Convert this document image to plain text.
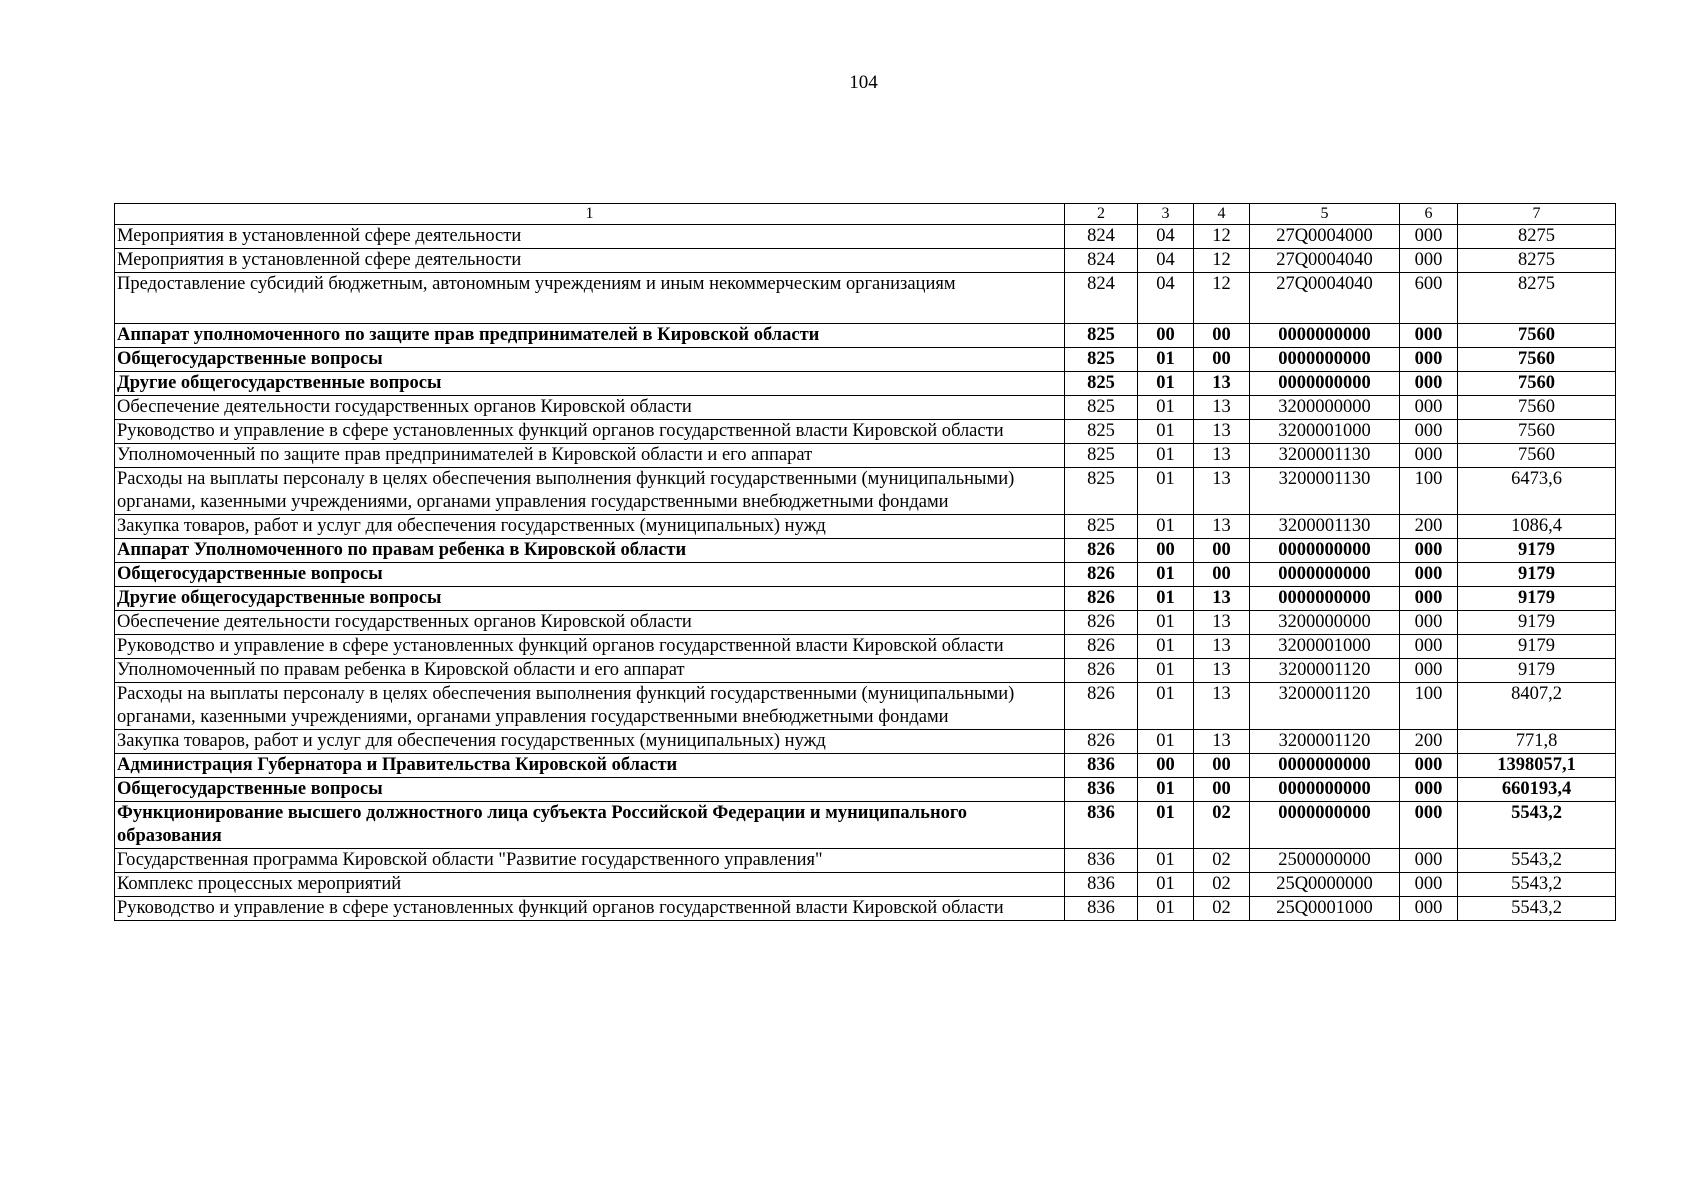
104
1	2	3	4	5	6	7
Мероприятия в установленной сфере деятельности	824	04	12	27Q0004000	000	8275
Мероприятия в установленной сфере деятельности	824	04	12	27Q0004040	000	8275
Предоставление субсидий бюджетным, автономным учреждениям и иным некоммерческим организациям	824	04	12	27Q0004040	600	8275
Аппарат уполномоченного по защите прав предпринимателей в Кировской области	825	00	00	0000000000	000	7560
Общегосударственные вопросы	825	01	00	0000000000	000	7560
Другие общегосударственные вопросы	825	01	13	0000000000	000	7560
Обеспечение деятельности государственных органов Кировской области	825	01	13	3200000000	000	7560
Руководство и управление в сфере установленных функций органов государственной власти Кировской области	825	01	13	3200001000	000	7560
Уполномоченный по защите прав предпринимателей в Кировской области и его аппарат	825	01	13	3200001130	000	7560
Расходы на выплаты персоналу в целях обеспечения выполнения функций государственными (муниципальными) органами, казенными учреждениями, органами управления государственными внебюджетными фондами	825	01	13	3200001130	100	6473,6
Закупка товаров, работ и услуг для обеспечения государственных (муниципальных) нужд	825	01	13	3200001130	200	1086,4
Аппарат Уполномоченного по правам ребенка в Кировской области	826	00	00	0000000000	000	9179
Общегосударственные вопросы	826	01	00	0000000000	000	9179
Другие общегосударственные вопросы	826	01	13	0000000000	000	9179
Обеспечение деятельности государственных органов Кировской области	826	01	13	3200000000	000	9179
Руководство и управление в сфере установленных функций органов государственной власти Кировской области	826	01	13	3200001000	000	9179
Уполномоченный по правам ребенка в Кировской области и его аппарат	826	01	13	3200001120	000	9179
Расходы на выплаты персоналу в целях обеспечения выполнения функций государственными (муниципальными) органами, казенными учреждениями, органами управления государственными внебюджетными фондами	826	01	13	3200001120	100	8407,2
Закупка товаров, работ и услуг для обеспечения государственных (муниципальных) нужд	826	01	13	3200001120	200	771,8
Администрация Губернатора и Правительства Кировской области	836	00	00	0000000000	000	1398057,1
Общегосударственные вопросы	836	01	00	0000000000	000	660193,4
Функционирование высшего должностного лица субъекта Российской Федерации и муниципального образования	836	01	02	0000000000	000	5543,2
Государственная программа Кировской области "Развитие государственного управления"	836	01	02	2500000000	000	5543,2
Комплекс процессных мероприятий	836	01	02	25Q0000000	000	5543,2
Руководство и управление в сфере установленных функций органов государственной власти Кировской области	836	01	02	25Q0001000	000	5543,2
